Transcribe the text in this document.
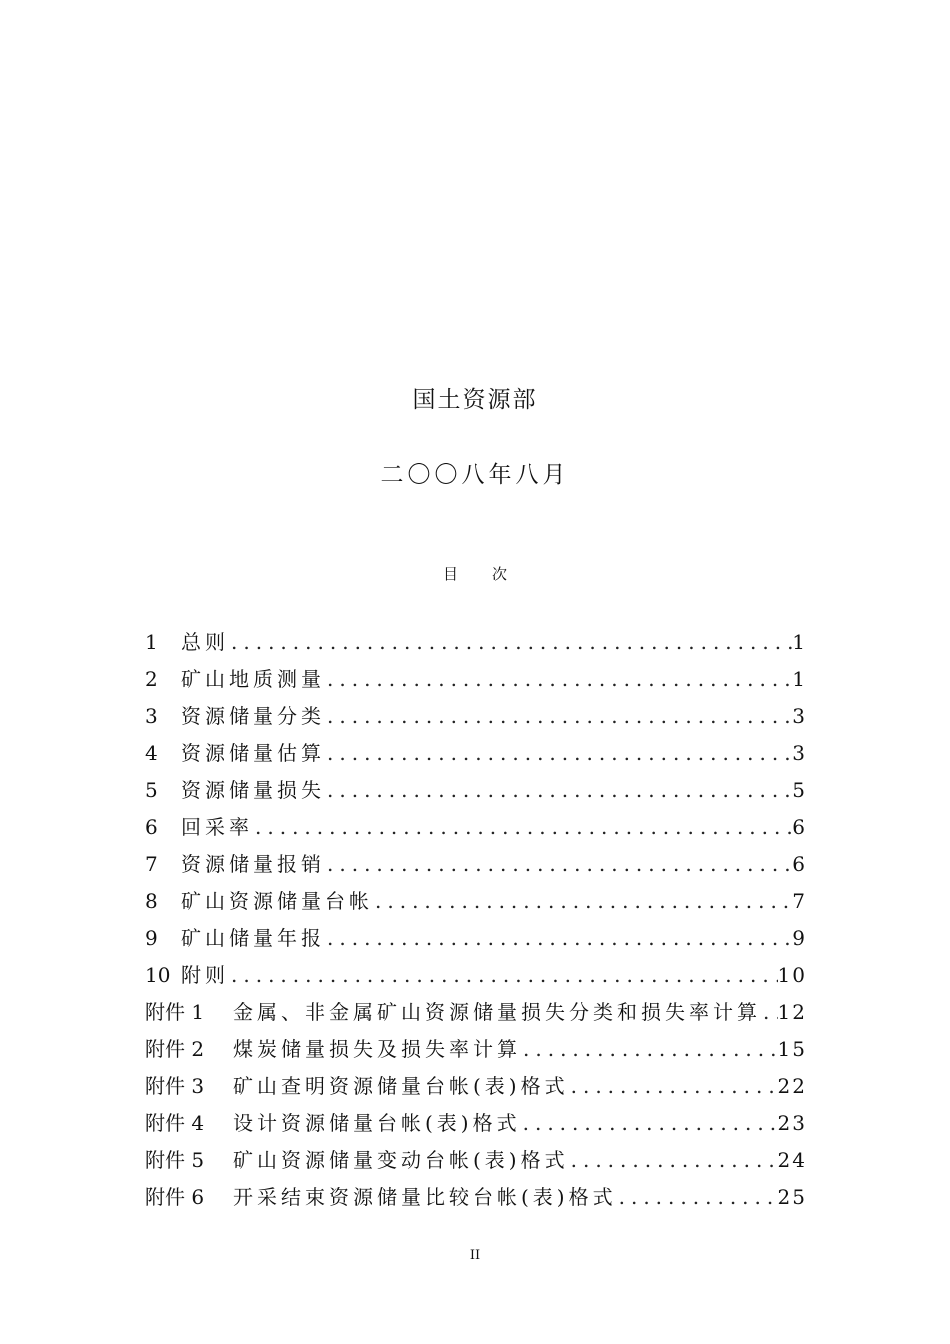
国土资源部
二〇〇八年八月
目 次
1	总则 .....	1
2	矿山地质测量 .....	1
3	资源储量分类 .....	3
4	资源储量估算 .....	3
5	资源储量损失 .....	5
6	回采率 .....	6
7	资源储量报销 .....	6
8	矿山资源储量台帐 .....	7
9	矿山储量年报 .....	9
10 附则 .....	10
附件 1	金属、非金属矿山资源储量损失分类和损失率计算 ..... 12
附件 2	煤炭储量损失及损失率计算 .....	15
附件 3	矿山查明资源储量台帐(表)格式 .....	22
附件 4	设计资源储量台帐(表)格式 .....	23
附件 5	矿山资源储量变动台帐(表)格式 .....	24
附件 6	开采结束资源储量比较台帐(表)格式 .....	25
II
